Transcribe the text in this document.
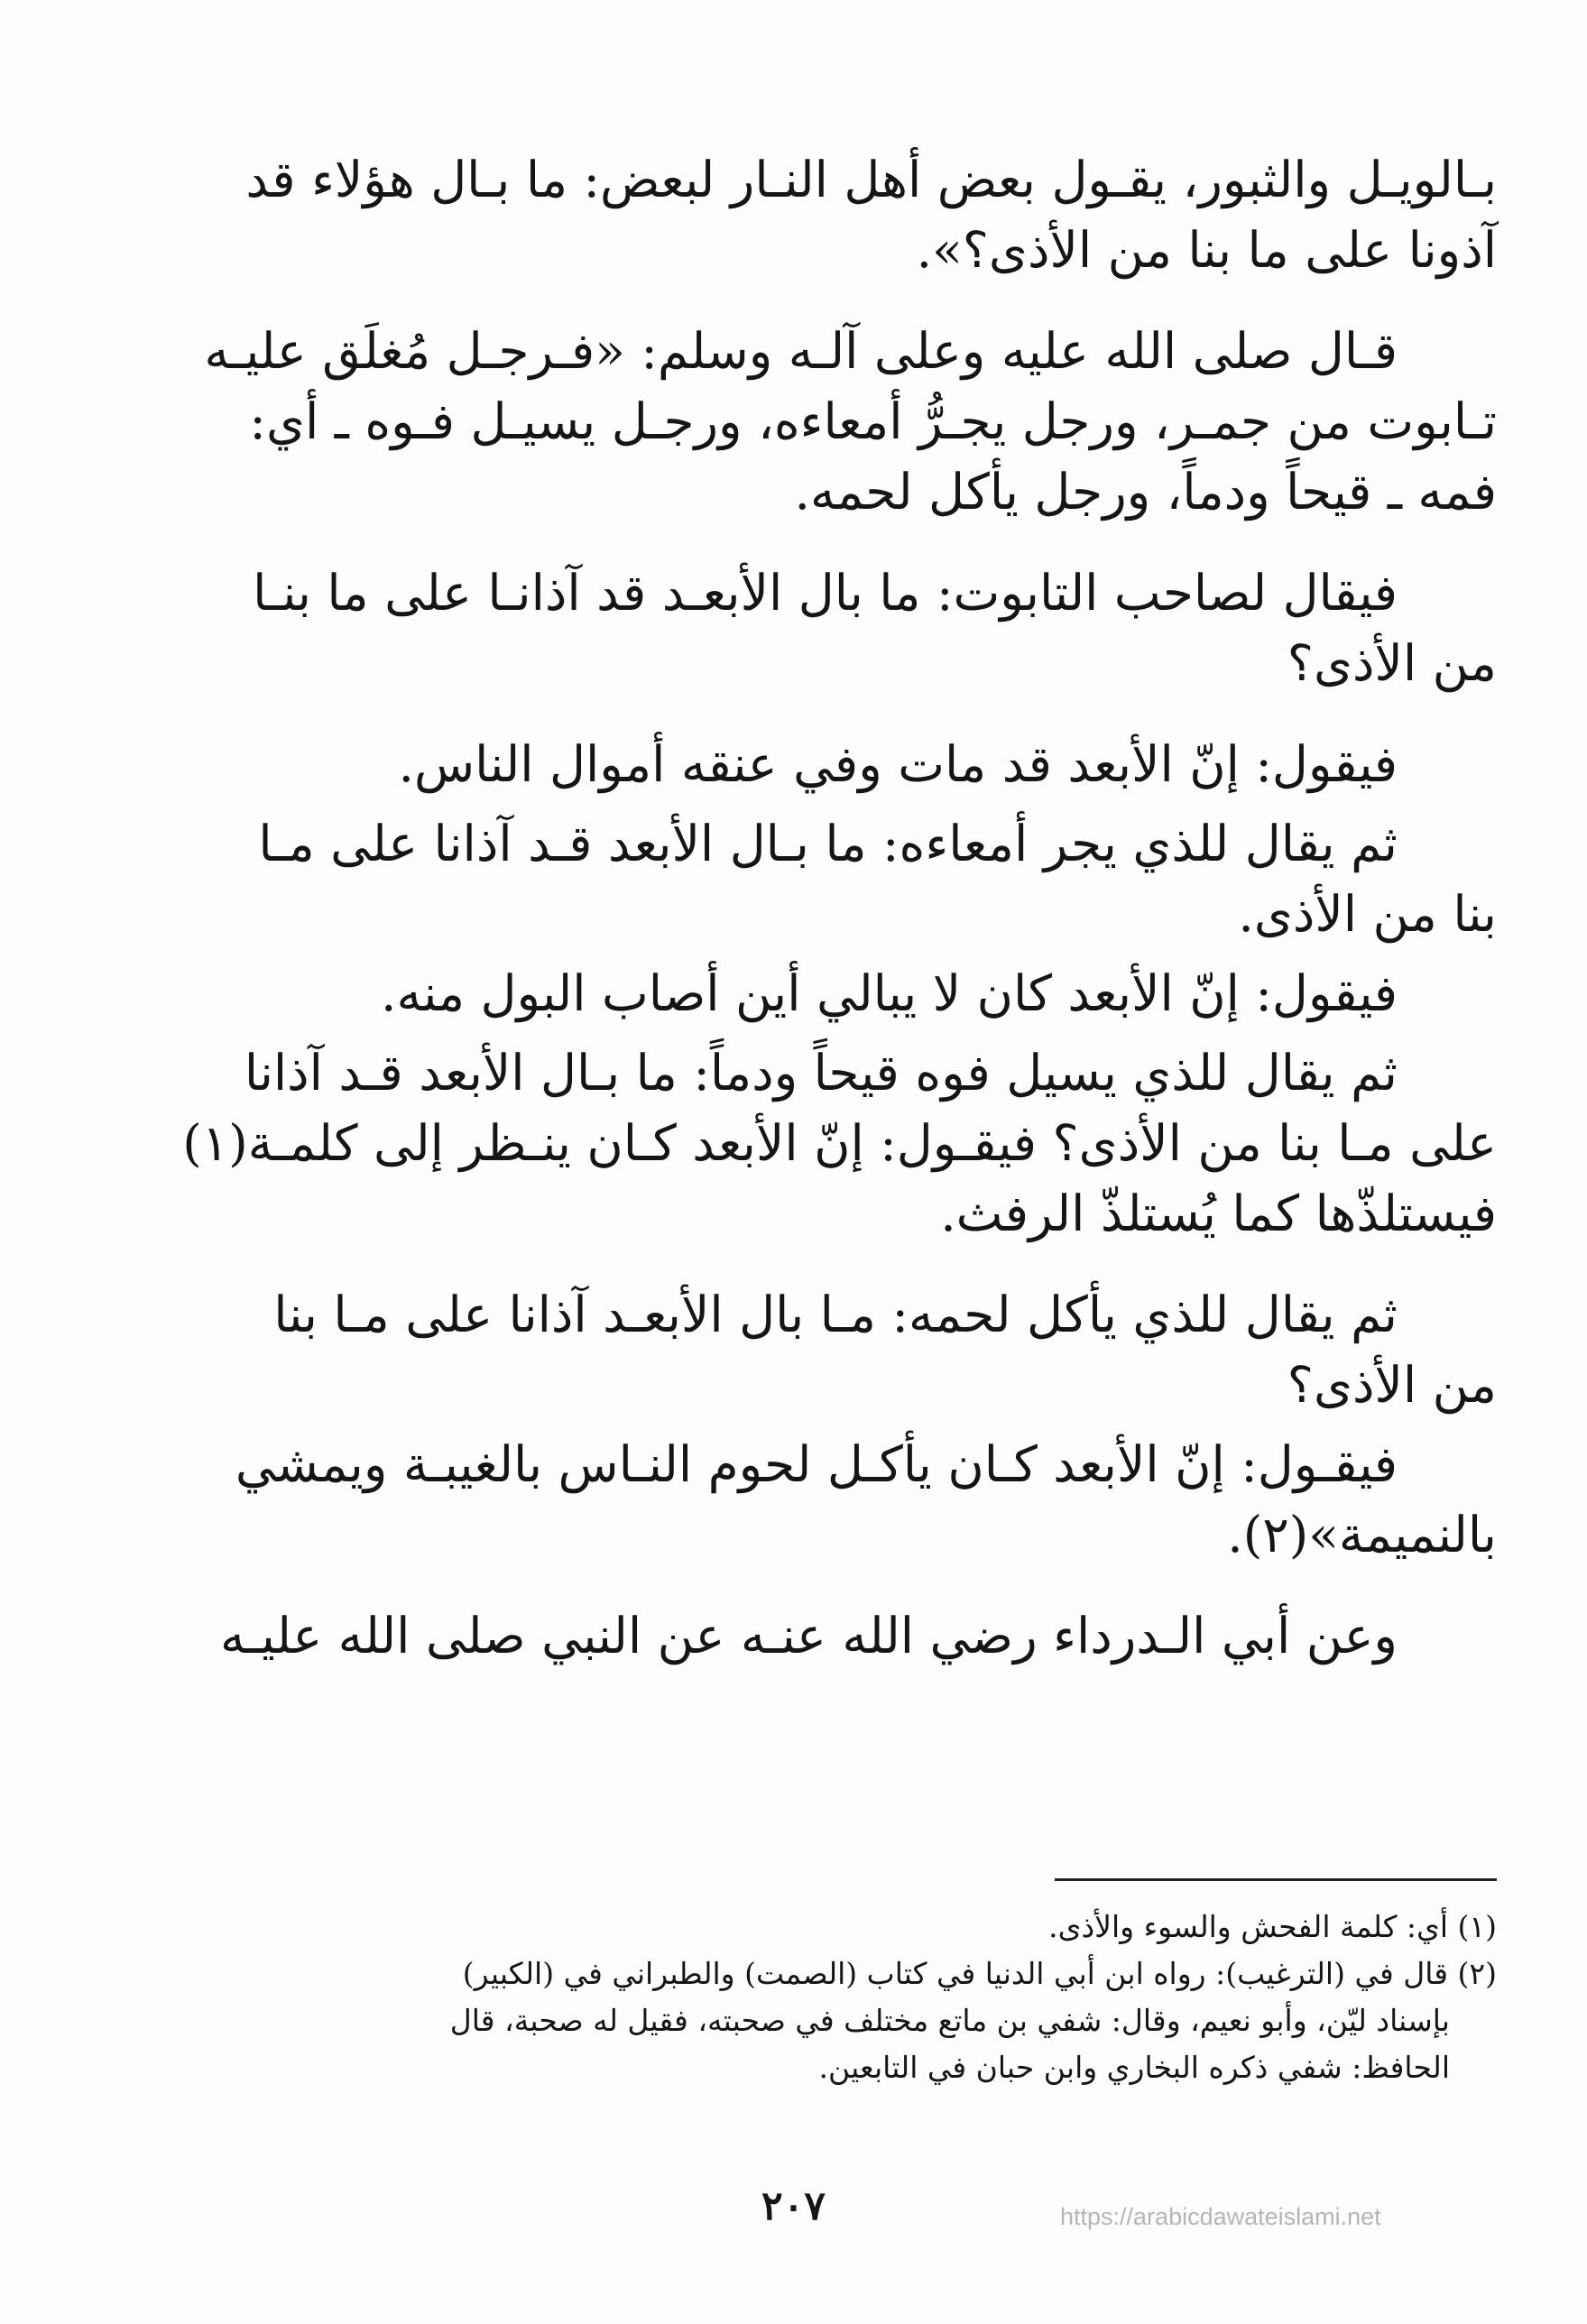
بـالويـل والثبور، يقـول بعض أهل النـار لبعض: ما بـال هؤلاء قد
آذونا على ما بنا من الأذى؟».
قـال صلى الله عليه وعلى آلـه وسلم: «فـرجـل مُغلَق عليـه
تـابوت من جمـر، ورجل يجـرُّ أمعاءه، ورجـل يسيـل فـوه ـ أي:
فمه ـ قيحاً ودماً، ورجل يأكل لحمه.
فيقال لصاحب التابوت: ما بال الأبعـد قد آذانـا على ما بنـا
من الأذى؟
فيقول: إنّ الأبعد قد مات وفي عنقه أموال الناس.
ثم يقال للذي يجر أمعاءه: ما بـال الأبعد قـد آذانا على مـا
بنا من الأذى.
فيقول: إنّ الأبعد كان لا يبالي أين أصاب البول منه.
ثم يقال للذي يسيل فوه قيحاً ودماً: ما بـال الأبعد قـد آذانا
على مـا بنا من الأذى؟ فيقـول: إنّ الأبعد كـان ينـظر إلى كلمـة(١)
فيستلذّها كما يُستلذّ الرفث.
ثم يقال للذي يأكل لحمه: مـا بال الأبعـد آذانا على مـا بنا
من الأذى؟
فيقـول: إنّ الأبعد كـان يأكـل لحوم النـاس بالغيبـة ويمشي
بالنميمة»(٢).
وعن أبي الـدرداء رضي الله عنـه عن النبي صلى الله عليـه
(١) أي: كلمة الفحش والسوء والأذى.
(٢) قال في (الترغيب): رواه ابن أبي الدنيا في كتاب (الصمت) والطبراني في (الكبير)
بإسناد ليّن، وأبو نعيم، وقال: شفي بن ماتع مختلف في صحبته، فقيل له صحبة، قال
الحافظ: شفي ذكره البخاري وابن حبان في التابعين.
٢٠٧	https://arabicdawateislami.net
